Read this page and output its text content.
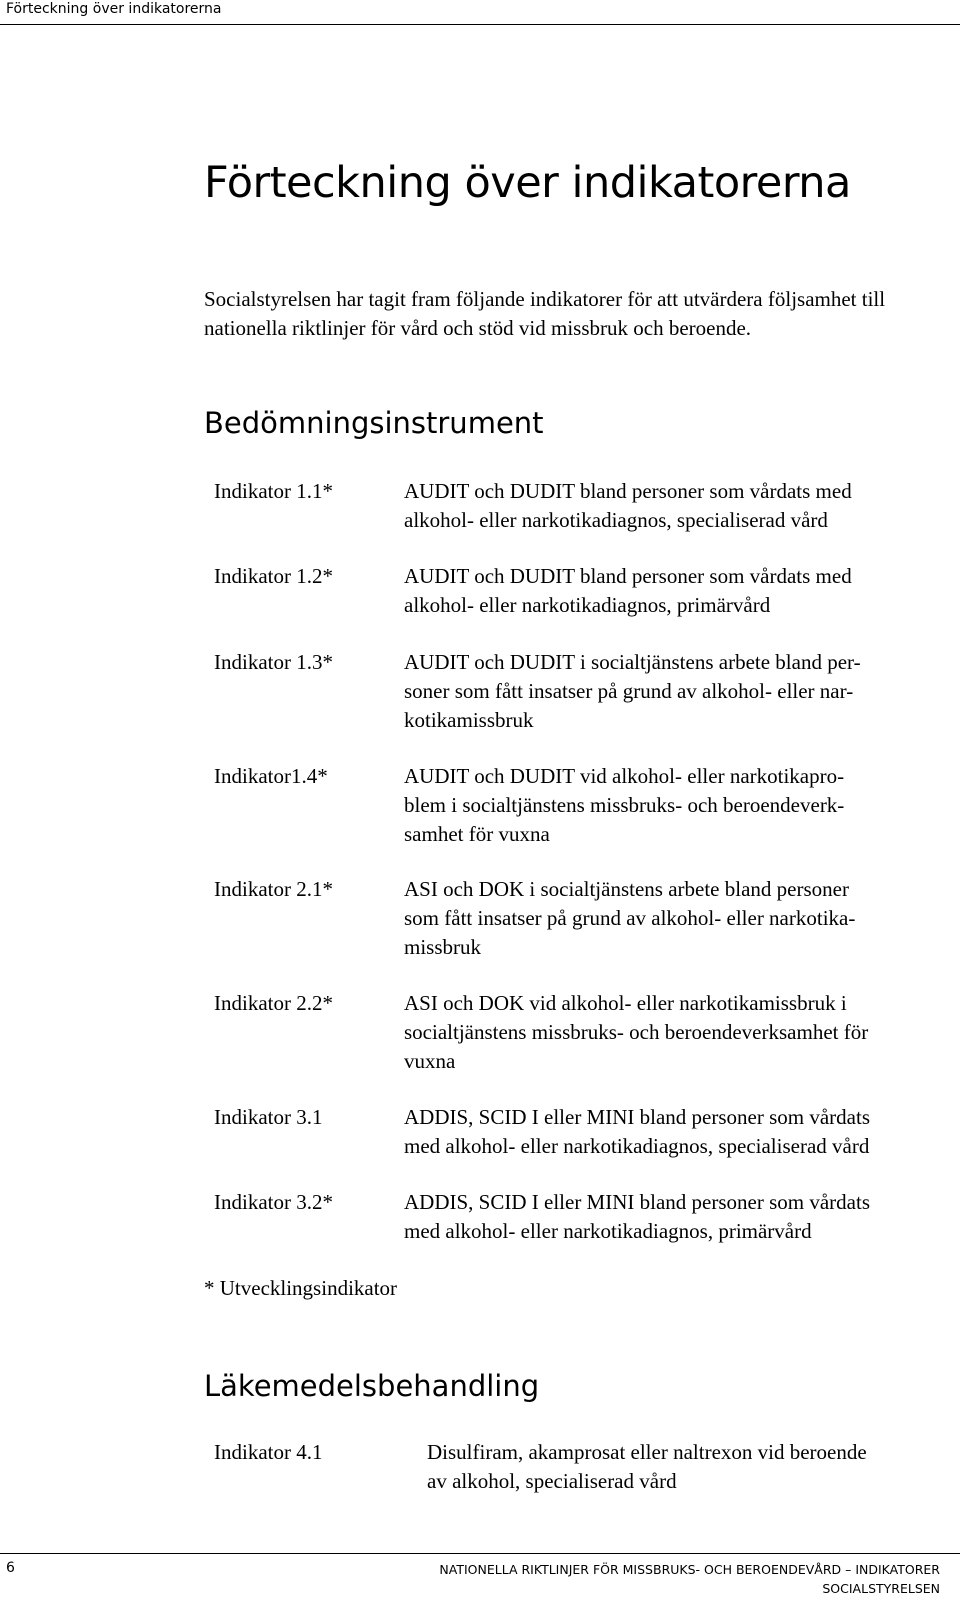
Förteckning över indikatorerna
Förteckning över indikatorerna

Socialstyrelsen har tagit fram följande indikatorer för att utvärdera följsamhet till nationella riktlinjer för vård och stöd vid missbruk och beroende.

Bedömningsinstrument
Indikator 1.1*	AUDIT och DUDIT bland personer som vårdats med
alkohol- eller narkotikadiagnos, specialiserad vård
Indikator 1.2*	AUDIT och DUDIT bland personer som vårdats med
alkohol- eller narkotikadiagnos, primärvård
Indikator 1.3*	AUDIT och DUDIT i socialtjänstens arbete bland per-
soner som fått insatser på grund av alkohol- eller nar-
kotikamissbruk
Indikator1.4*	AUDIT och DUDIT vid alkohol- eller narkotikapro-
blem i socialtjänstens missbruks- och beroendeverk-
samhet för vuxna
Indikator 2.1*	ASI och DOK i socialtjänstens arbete bland personer
som fått insatser på grund av alkohol- eller narkotika-
missbruk
Indikator 2.2*	ASI och DOK vid alkohol- eller narkotikamissbruk i
socialtjänstens missbruks- och beroendeverksamhet för
vuxna
Indikator 3.1	ADDIS, SCID I eller MINI bland personer som vårdats
med alkohol- eller narkotikadiagnos, specialiserad vård
Indikator 3.2*	ADDIS, SCID I eller MINI bland personer som vårdats
med alkohol- eller narkotikadiagnos, primärvård
* Utvecklingsindikator
Läkemedelsbehandling
Indikator 4.1	Disulfiram, akamprosat eller naltrexon vid beroende
av alkohol, specialiserad vård
6	NATIONELLA RIKTLINJER FÖR MISSBRUKS- OCH BEROENDEVÅRD – INDIKATORER
SOCIALSTYRELSEN
